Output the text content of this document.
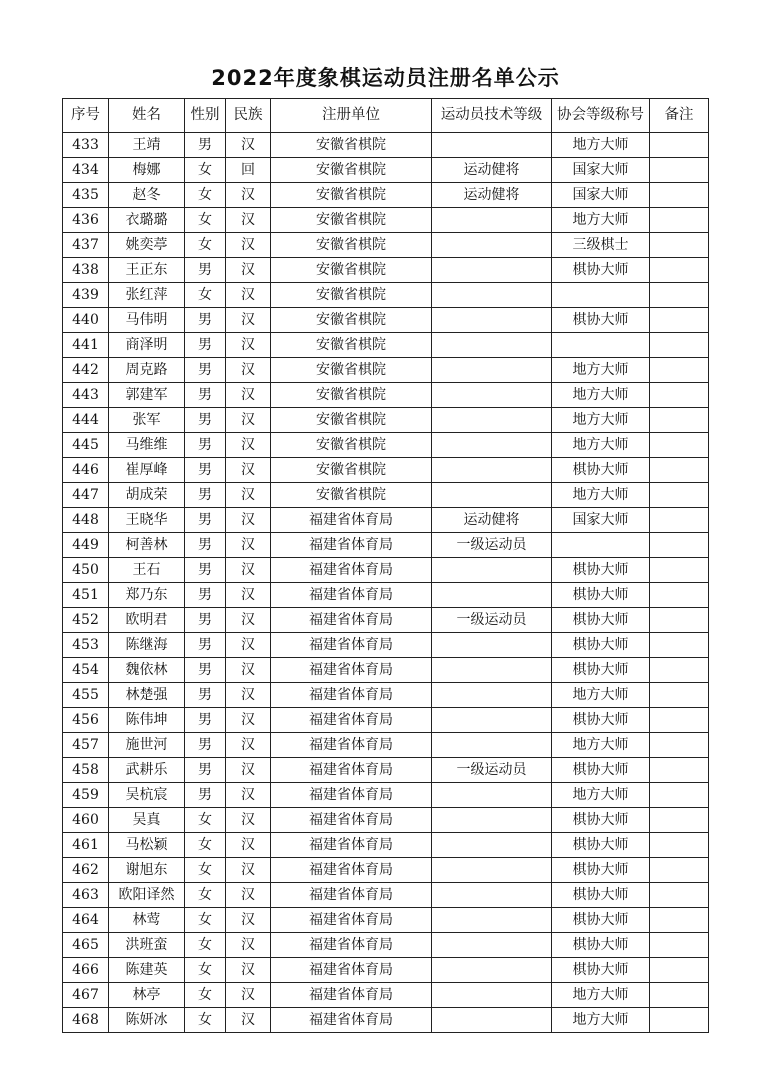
2022年度象棋运动员注册名单公示
序号	姓名	性别	民族	注册单位	运动员技术等级	协会等级称号	备注
433	王靖	男	汉	安徽省棋院		地方大师	
434	梅娜	女	回	安徽省棋院	运动健将	国家大师	
435	赵冬	女	汉	安徽省棋院	运动健将	国家大师	
436	衣璐璐	女	汉	安徽省棋院		地方大师	
437	姚奕葶	女	汉	安徽省棋院		三级棋士	
438	王正东	男	汉	安徽省棋院		棋协大师	
439	张红萍	女	汉	安徽省棋院			
440	马伟明	男	汉	安徽省棋院		棋协大师	
441	商泽明	男	汉	安徽省棋院			
442	周克路	男	汉	安徽省棋院		地方大师	
443	郭建军	男	汉	安徽省棋院		地方大师	
444	张军	男	汉	安徽省棋院		地方大师	
445	马维维	男	汉	安徽省棋院		地方大师	
446	崔厚峰	男	汉	安徽省棋院		棋协大师	
447	胡成荣	男	汉	安徽省棋院		地方大师	
448	王晓华	男	汉	福建省体育局	运动健将	国家大师	
449	柯善林	男	汉	福建省体育局	一级运动员		
450	王石	男	汉	福建省体育局		棋协大师	
451	郑乃东	男	汉	福建省体育局		棋协大师	
452	欧明君	男	汉	福建省体育局	一级运动员	棋协大师	
453	陈继海	男	汉	福建省体育局		棋协大师	
454	魏依林	男	汉	福建省体育局		棋协大师	
455	林楚强	男	汉	福建省体育局		地方大师	
456	陈伟坤	男	汉	福建省体育局		棋协大师	
457	施世河	男	汉	福建省体育局		地方大师	
458	武耕乐	男	汉	福建省体育局	一级运动员	棋协大师	
459	吴杭宸	男	汉	福建省体育局		地方大师	
460	吴真	女	汉	福建省体育局		棋协大师	
461	马松颖	女	汉	福建省体育局		棋协大师	
462	谢旭东	女	汉	福建省体育局		棋协大师	
463	欧阳译然	女	汉	福建省体育局		棋协大师	
464	林莺	女	汉	福建省体育局		棋协大师	
465	洪班蛮	女	汉	福建省体育局		棋协大师	
466	陈建英	女	汉	福建省体育局		棋协大师	
467	林亭	女	汉	福建省体育局		地方大师	
468	陈妍冰	女	汉	福建省体育局		地方大师	
